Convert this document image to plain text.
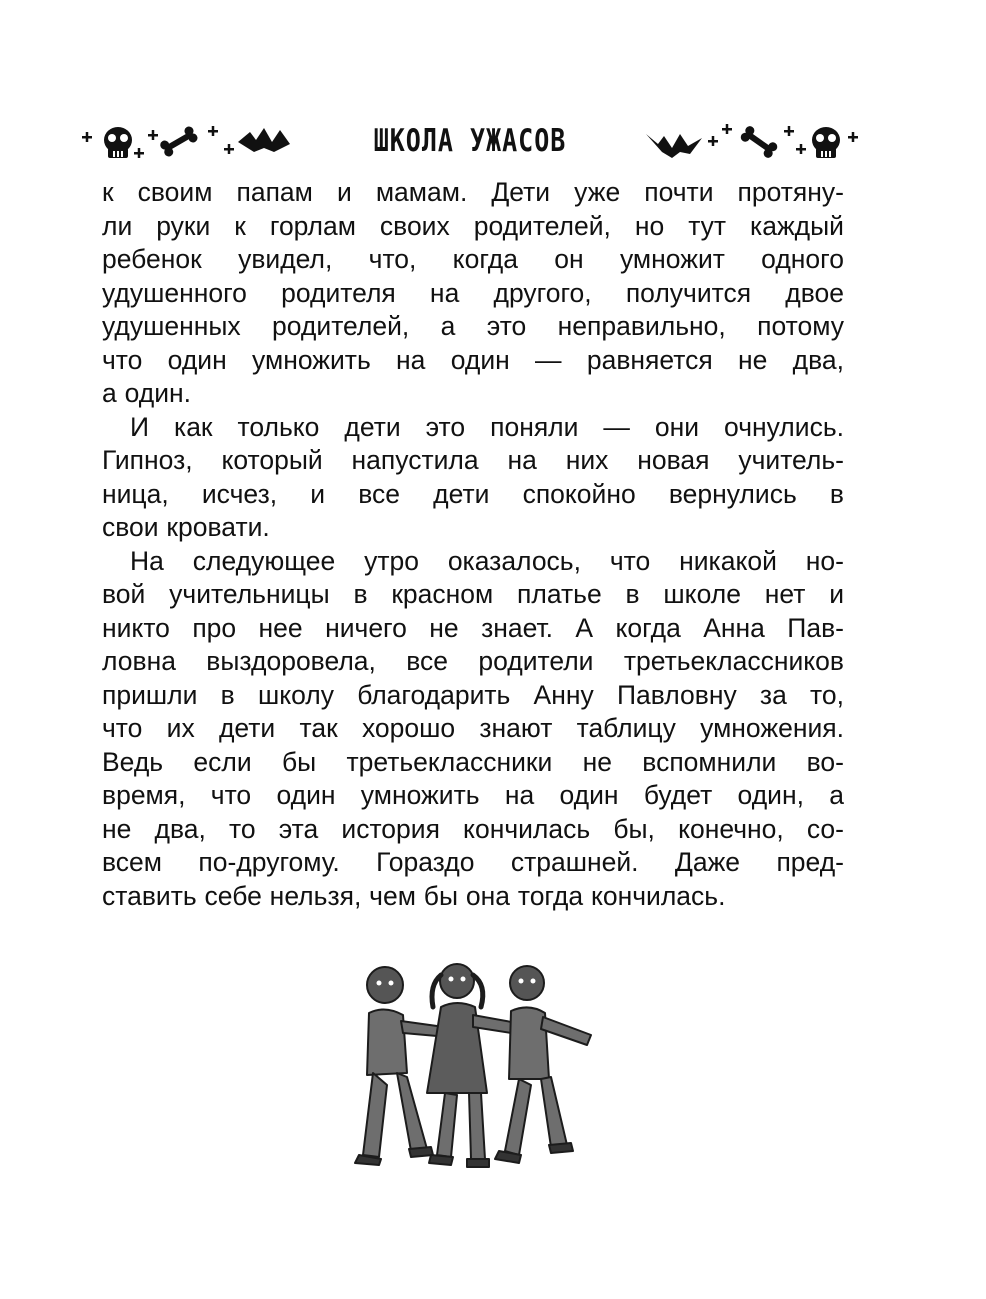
ШКОЛА УЖАСОВ
к своим папам и мамам. Дети уже почти протяну-
ли руки к горлам своих родителей, но тут каждый
ребенок увидел, что, когда он умножит одного
удушенного родителя на другого, получится двое
удушенных родителей, а это неправильно, потому
что один умножить на один — равняется не два,
а один.
И как только дети это поняли — они очнулись.
Гипноз, который напустила на них новая учитель-
ница, исчез, и все дети спокойно вернулись в
свои кровати.
На следующее утро оказалось, что никакой но-
вой учительницы в красном платье в школе нет и
никто про нее ничего не знает. А когда Анна Пав-
ловна выздоровела, все родители третьеклассников
пришли в школу благодарить Анну Павловну за то,
что их дети так хорошо знают таблицу умножения.
Ведь если бы третьеклассники не вспомнили во-
время, что один умножить на один будет один, а
не два, то эта история кончилась бы, конечно, со-
всем по-другому. Гораздо страшней. Даже пред-
ставить себе нельзя, чем бы она тогда кончилась.
